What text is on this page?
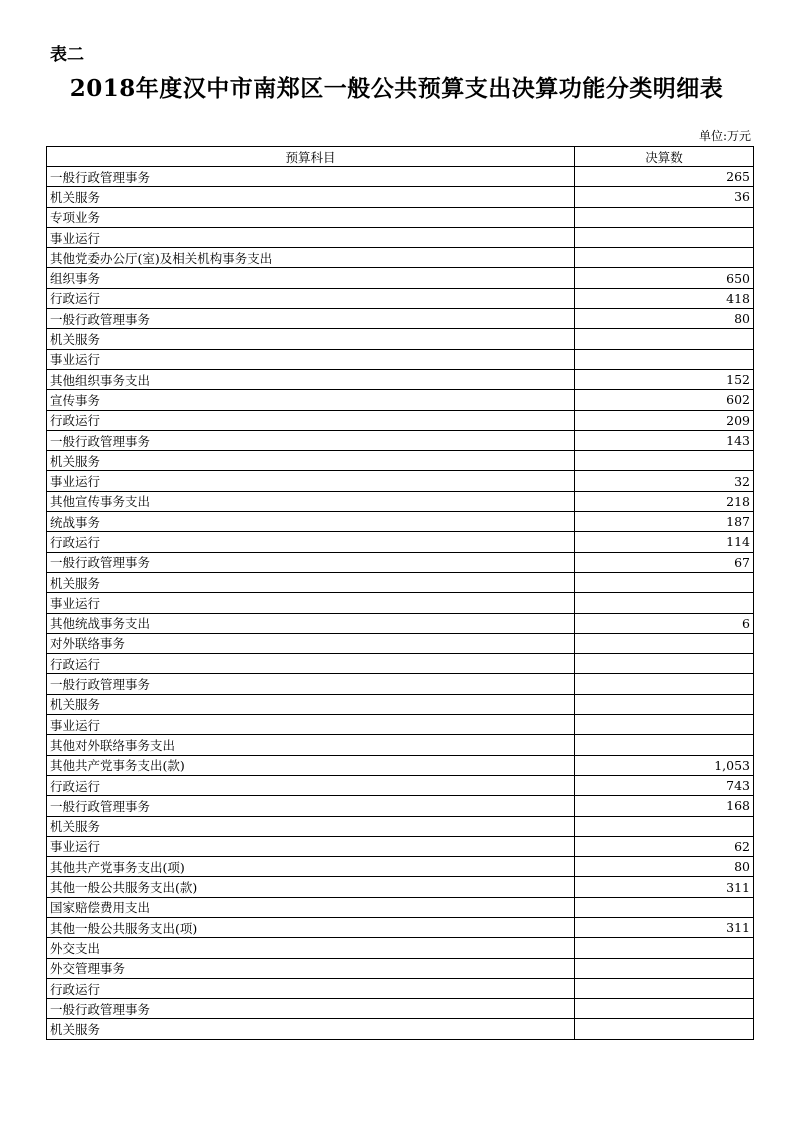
表二
2018年度汉中市南郑区一般公共预算支出决算功能分类明细表
单位:万元
预算科目	决算数
一般行政管理事务	265
机关服务	36
专项业务	
事业运行	
其他党委办公厅(室)及相关机构事务支出	
组织事务	650
行政运行	418
一般行政管理事务	80
机关服务	
事业运行	
其他组织事务支出	152
宣传事务	602
行政运行	209
一般行政管理事务	143
机关服务	
事业运行	32
其他宣传事务支出	218
统战事务	187
行政运行	114
一般行政管理事务	67
机关服务	
事业运行	
其他统战事务支出	6
对外联络事务	
行政运行	
一般行政管理事务	
机关服务	
事业运行	
其他对外联络事务支出	
其他共产党事务支出(款)	1,053
行政运行	743
一般行政管理事务	168
机关服务	
事业运行	62
其他共产党事务支出(项)	80
其他一般公共服务支出(款)	311
国家赔偿费用支出	
其他一般公共服务支出(项)	311
外交支出	
外交管理事务	
行政运行	
一般行政管理事务	
机关服务	
